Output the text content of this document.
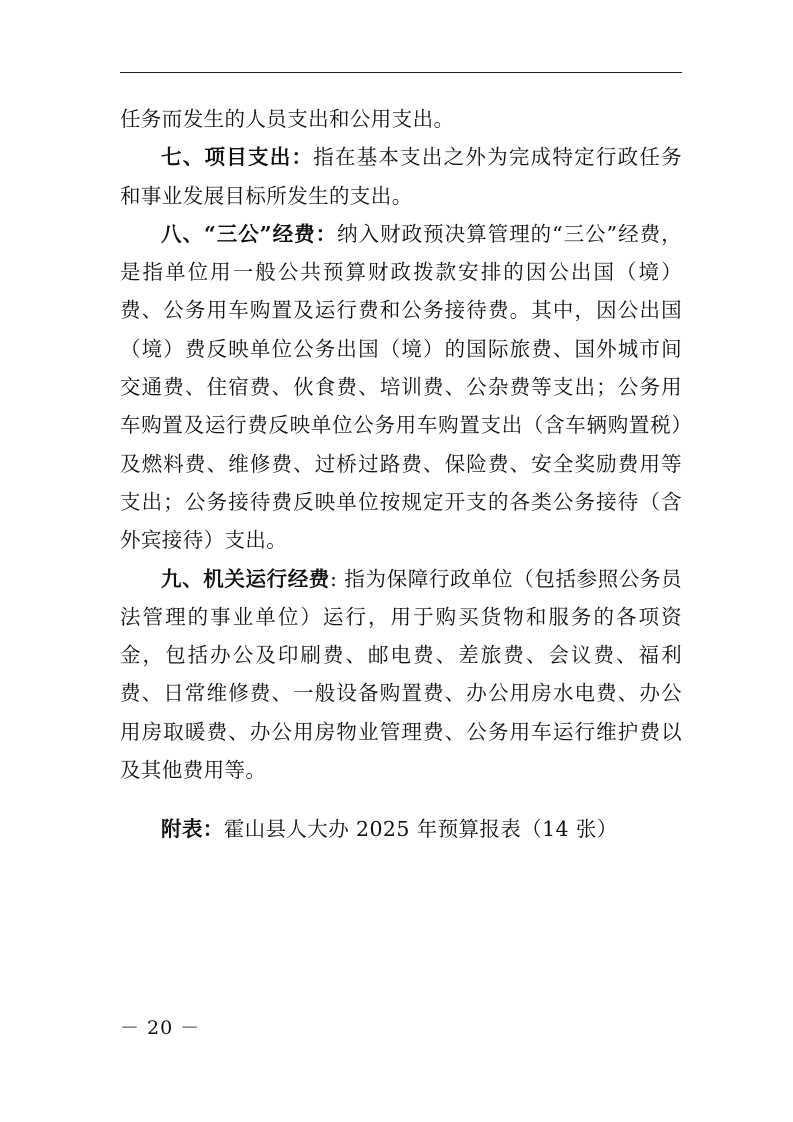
任务而发生的人员支出和公用支出。

七、项目支出：指在基本支出之外为完成特定行政任务和事业发展目标所发生的支出。

八、“三公”经费：纳入财政预决算管理的“三公”经费，是指单位用一般公共预算财政拨款安排的因公出国（境）费、公务用车购置及运行费和公务接待费。其中，因公出国（境）费反映单位公务出国（境）的国际旅费、国外城市间交通费、住宿费、伙食费、培训费、公杂费等支出；公务用车购置及运行费反映单位公务用车购置支出（含车辆购置税）及燃料费、维修费、过桥过路费、保险费、安全奖励费用等支出；公务接待费反映单位按规定开支的各类公务接待（含外宾接待）支出。

九、机关运行经费: 指为保障行政单位（包括参照公务员法管理的事业单位）运行，用于购买货物和服务的各项资金，包括办公及印刷费、邮电费、差旅费、会议费、福利费、日常维修费、一般设备购置费、办公用房水电费、办公用房取暖费、办公用房物业管理费、公务用车运行维护费以及其他费用等。

附表：霍山县人大办 2025 年预算报表（14 张）
－ 20 －
